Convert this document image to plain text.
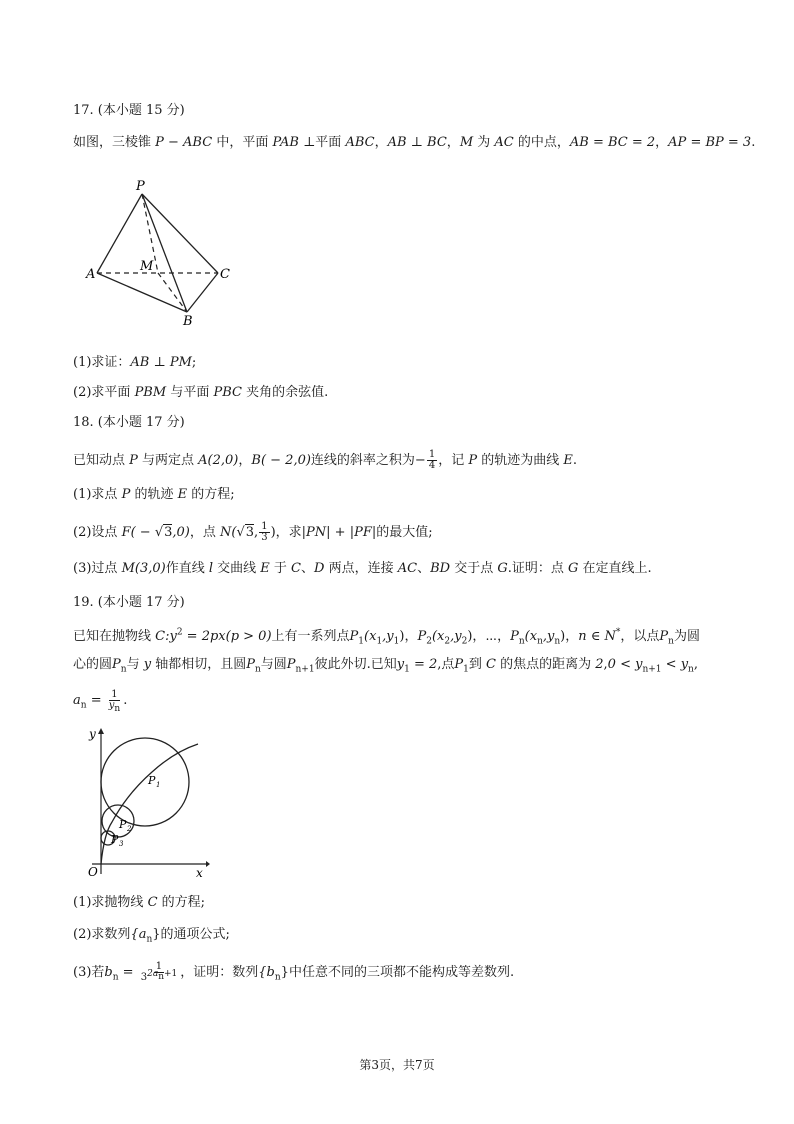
17. (本小题 15 分)
如图，三棱锥 P − ABC 中，平面 PAB ⊥平面 ABC，AB ⊥ BC，M 为 AC 的中点，AB = BC = 2，AP = BP = 3.
P
A
M
C
B
(1)求证：AB ⊥ PM;
(2)求平面 PBM 与平面 PBC 夹角的余弦值.
18. (本小题 17 分)
已知动点 P 与两定点 A(2,0)，B( − 2,0)连线的斜率之积为− $\frac{1}{4}$ ，记 P 的轨迹为曲线 E.
(1)求点 P 的轨迹 E 的方程;
(2)设点 F( − √3,0)，点 N(√3, $\frac{1}{3}$ )，求|PN| + |PF|的最大值;
(3)过点 M(3,0)作直线 l 交曲线 E 于 C、D 两点，连接 AC、BD 交于点 G.证明：点 G 在定直线上.
19. (本小题 17 分)
已知在抛物线 $C:y^2 = 2px(p > 0)$上有一系列点$P_1(x_1,y_1)$，$P_2(x_2,y_2)$，⋯，$P_n(x_n,y_n)$，n ∈ N*，以点$P_n$为圆
心的圆$P_n$与 y 轴都相切，且圆$P_n$与圆$P_{n+1}$彼此外切.已知$y_1 = 2$,点$P_1$到 C 的焦点的距离为 $2,0 < y_{n+1} < y_n$,
$a_n = \frac{1}{y_n}$ .
y
x
O
P 1
P 2
P 3
(1)求抛物线 C 的方程;
(2)求数列$\{a_n\}$的通项公式;
(3)若$b_n = \frac{1}{3^{2a_n+1}}$ ，证明：数列$\{b_n\}$中任意不同的三项都不能构成等差数列.
第3页，共7页
